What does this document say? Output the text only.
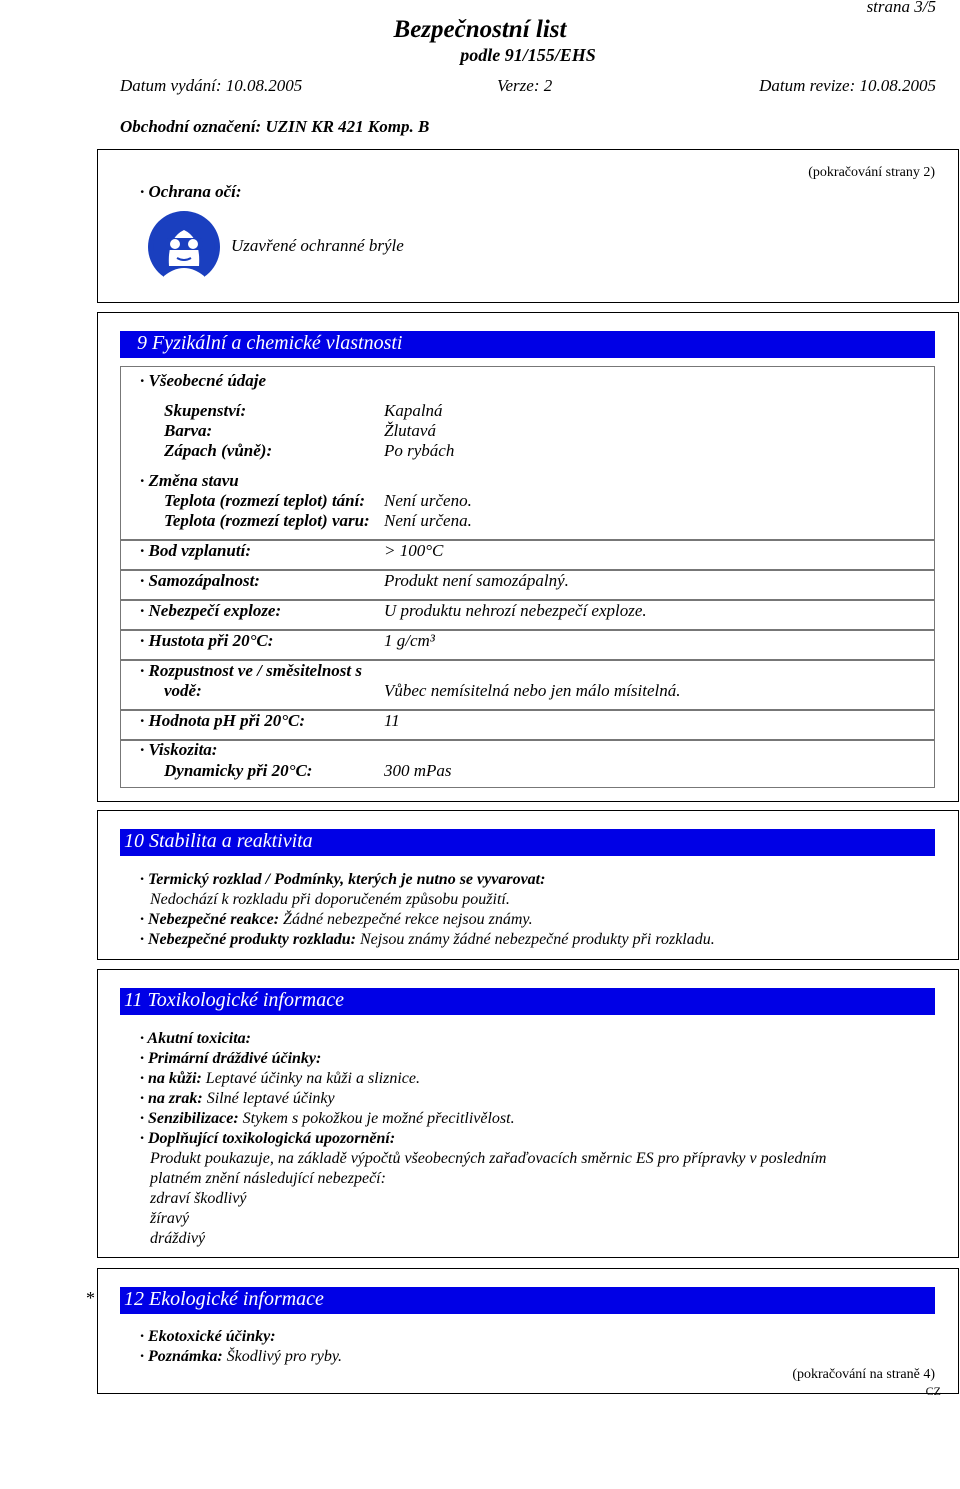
strana 3/5
Bezpečnostní list
podle 91/155/EHS
Datum vydání: 10.08.2005	Verze: 2	Datum revize: 10.08.2005
Obchodní označení: UZIN KR 421 Komp. B
· Ochrana očí:
(pokračování strany 2)
Uzavřené ochranné brýle
9 Fyzikální a chemické vlastnosti
· Všeobecné údaje
Skupenství:	Kapalná
Barva:	Žlutavá
Zápach (vůně):	Po rybách
· Změna stavu
Teplota (rozmezí teplot) tání: Není určeno.
Teplota (rozmezí teplot) varu: Není určena.
· Bod vzplanutí:	> 100°C
· Samozápalnost:	Produkt není samozápalný.
· Nebezpečí exploze:	U produktu nehrozí nebezpečí exploze.
· Hustota při 20°C:	1 g/cm³
· Rozpustnost ve / směsitelnost s
vodě:	Vůbec nemísitelná nebo jen málo mísitelná.
· Hodnota pH při 20°C:	11
· Viskozita:
Dynamicky při 20°C:	300 mPas
10 Stabilita a reaktivita
· Termický rozklad / Podmínky, kterých je nutno se vyvarovat:
Nedochází k rozkladu při doporučeném způsobu použití.
· Nebezpečné reakce: Žádné nebezpečné rekce nejsou známy.
· Nebezpečné produkty rozkladu: Nejsou známy žádné nebezpečné produkty při rozkladu.
11 Toxikologické informace
· Akutní toxicita:
· Primární dráždivé účinky:
· na kůži: Leptavé účinky na kůži a sliznice.
· na zrak: Silné leptavé účinky
· Senzibilizace: Stykem s pokožkou je možné přecitlivělost.
· Doplňující toxikologická upozornění:
Produkt poukazuje, na základě výpočtů všeobecných zařaďovacích směrnic ES pro přípravky v posledním
platném znění následující nebezpečí:
zdraví škodlivý
žíravý
dráždivý
* 12 Ekologické informace
· Ekotoxické účinky:
· Poznámka: Škodlivý pro ryby.
(pokračování na straně 4)
CZ
